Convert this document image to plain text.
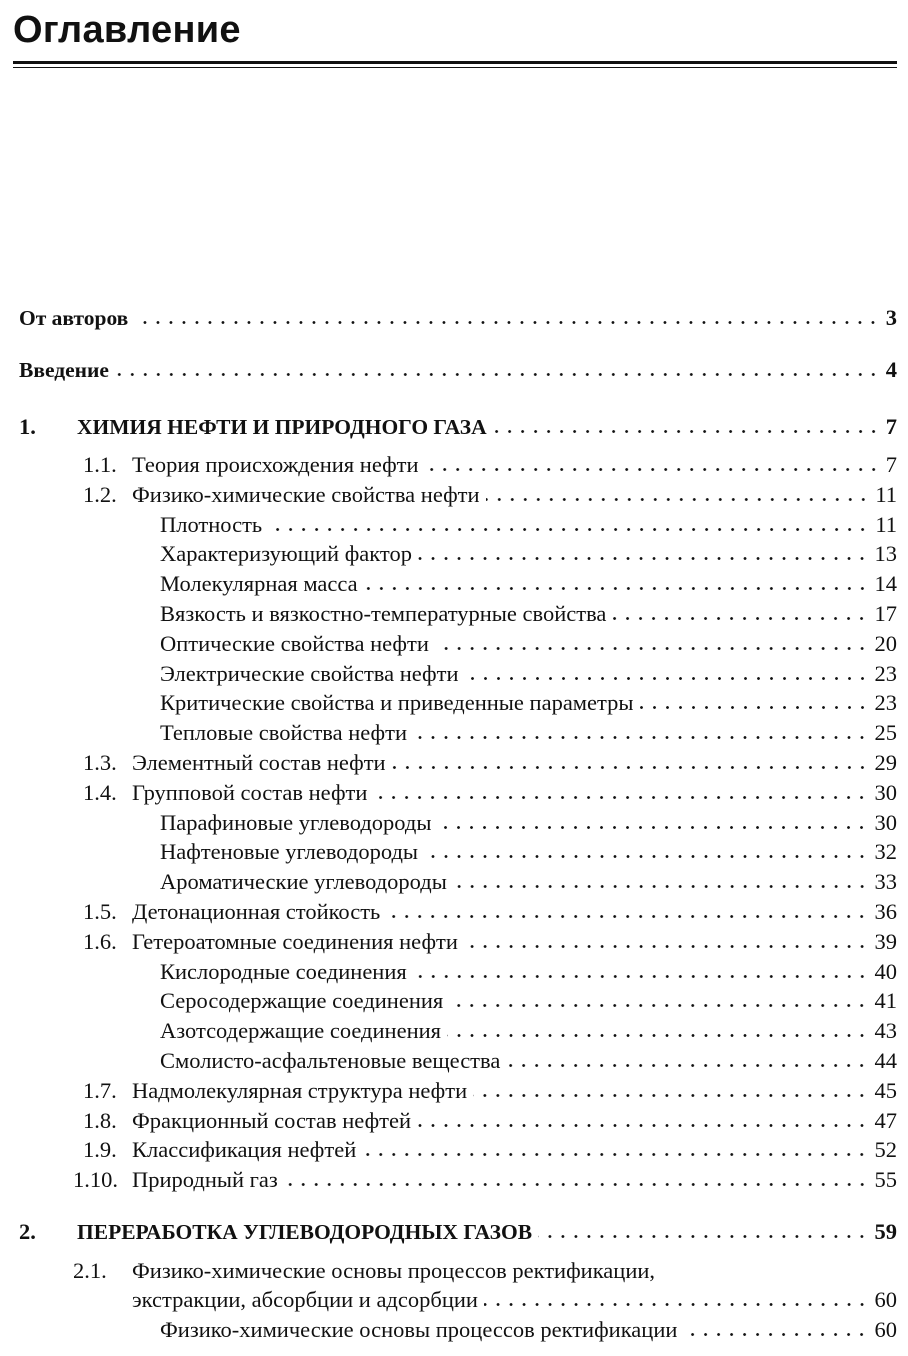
Оглавление
От авторов	3
Введение	4
1.	ХИМИЯ НЕФТИ И ПРИРОДНОГО ГАЗА	7
1.1. Теория происхождения нефти	7
1.2. Физико-химические свойства нефти	11
Плотность	11
Характеризующий фактор	13
Молекулярная масса	14
Вязкость и вязкостно-температурные свойства	17
Оптические свойства нефти	20
Электрические свойства нефти	23
Критические свойства и приведенные параметры	23
Тепловые свойства нефти	25
1.3. Элементный состав нефти	29
1.4. Групповой состав нефти	30
Парафиновые углеводороды	30
Нафтеновые углеводороды	32
Ароматические углеводороды	33
1.5. Детонационная стойкость	36
1.6. Гетероатомные соединения нефти	39
Кислородные соединения	40
Серосодержащие соединения	41
Азотсодержащие соединения	43
Смолисто-асфальтеновые вещества	44
1.7. Надмолекулярная структура нефти	45
1.8. Фракционный состав нефтей	47
1.9. Классификация нефтей	52
1.10. Природный газ	55
2.	ПЕРЕРАБОТКА УГЛЕВОДОРОДНЫХ ГАЗОВ	59
2.1.	Физико-химические основы процессов ректификации,
экстракции, абсорбции и адсорбции	60
Физико-химические основы процессов ректификации	60
